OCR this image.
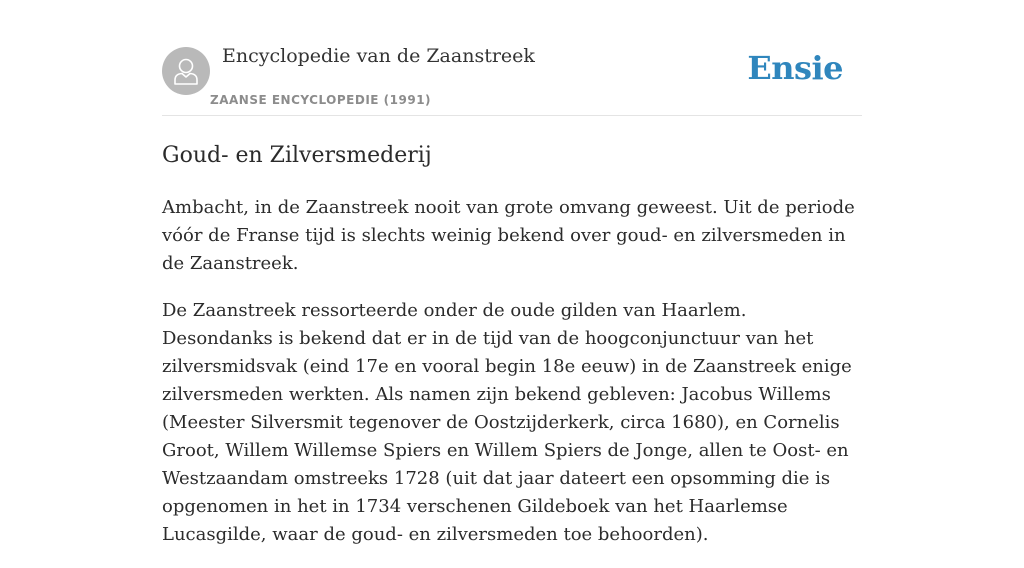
Encyclopedie van de Zaanstreek
ZAANSE ENCYCLOPEDIE (1991)
Ensie
Goud- en Zilversmederij

Ambacht, in de Zaanstreek nooit van grote omvang geweest. Uit de periode vóór de Franse tijd is slechts weinig bekend over goud- en zilversmeden in de Zaanstreek.

De Zaanstreek ressorteerde onder de oude gilden van Haarlem. Desondanks is bekend dat er in de tijd van de hoogconjunctuur van het zilversmidsvak (eind 17e en vooral begin 18e eeuw) in de Zaanstreek enige zilversmeden werkten. Als namen zijn bekend gebleven: Jacobus Willems (Meester Silversmit tegenover de Oostzijderkerk, circa 1680), en Cornelis Groot, Willem Willemse Spiers en Willem Spiers de Jonge, allen te Oost- en Westzaandam omstreeks 1728 (uit dat jaar dateert een opsomming die is opgenomen in het in 1734 verschenen Gildeboek van het Haarlemse Lucasgilde, waar de goud- en zilversmeden toe behoorden).
